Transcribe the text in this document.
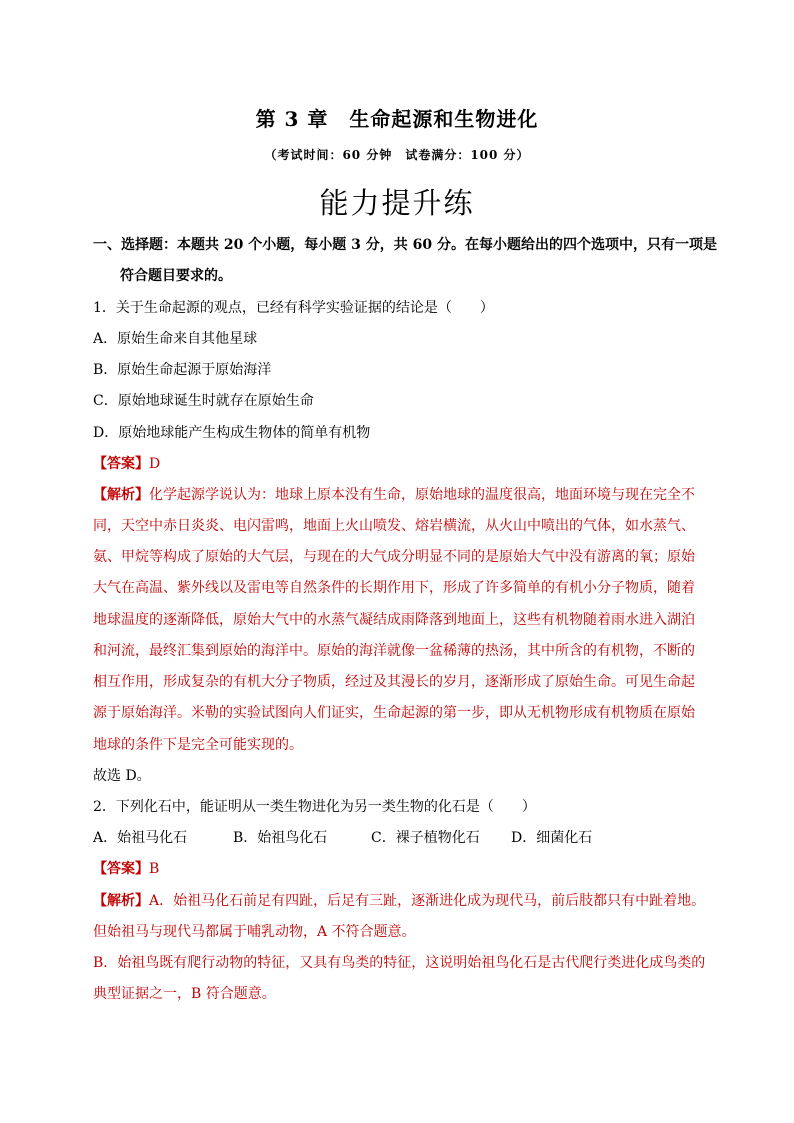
第 3 章　生命起源和生物进化
（考试时间：60 分钟　试卷满分：100 分）
能力提升练
一、选择题：本题共 20 个小题，每小题 3 分，共 60 分。在每小题给出的四个选项中，只有一项是
符合题目要求的。
1．关于生命起源的观点，已经有科学实验证据的结论是（　　）
A．原始生命来自其他星球
B．原始生命起源于原始海洋
C．原始地球诞生时就存在原始生命
D．原始地球能产生构成生物体的简单有机物
【答案】D
【解析】化学起源学说认为：地球上原本没有生命，原始地球的温度很高，地面环境与现在完全不
同，天空中赤日炎炎、电闪雷鸣，地面上火山喷发、熔岩横流，从火山中喷出的气体，如水蒸气、
氨、甲烷等构成了原始的大气层，与现在的大气成分明显不同的是原始大气中没有游离的氧；原始
大气在高温、紫外线以及雷电等自然条件的长期作用下，形成了许多简单的有机小分子物质，随着
地球温度的逐渐降低，原始大气中的水蒸气凝结成雨降落到地面上，这些有机物随着雨水进入湖泊
和河流，最终汇集到原始的海洋中。原始的海洋就像一盆稀薄的热汤，其中所含的有机物，不断的
相互作用，形成复杂的有机大分子物质，经过及其漫长的岁月，逐渐形成了原始生命。可见生命起
源于原始海洋。米勒的实验试图向人们证实，生命起源的第一步，即从无机物形成有机物质在原始
地球的条件下是完全可能实现的。
故选 D。
2．下列化石中，能证明从一类生物进化为另一类生物的化石是（　　）
A．始祖马化石	B．始祖鸟化石	C．裸子植物化石	D．细菌化石
【答案】B
【解析】A．始祖马化石前足有四趾，后足有三趾，逐渐进化成为现代马，前后肢都只有中趾着地。
但始祖马与现代马都属于哺乳动物，A 不符合题意。
B．始祖鸟既有爬行动物的特征，又具有鸟类的特征，这说明始祖鸟化石是古代爬行类进化成鸟类的
典型证据之一，B 符合题意。
